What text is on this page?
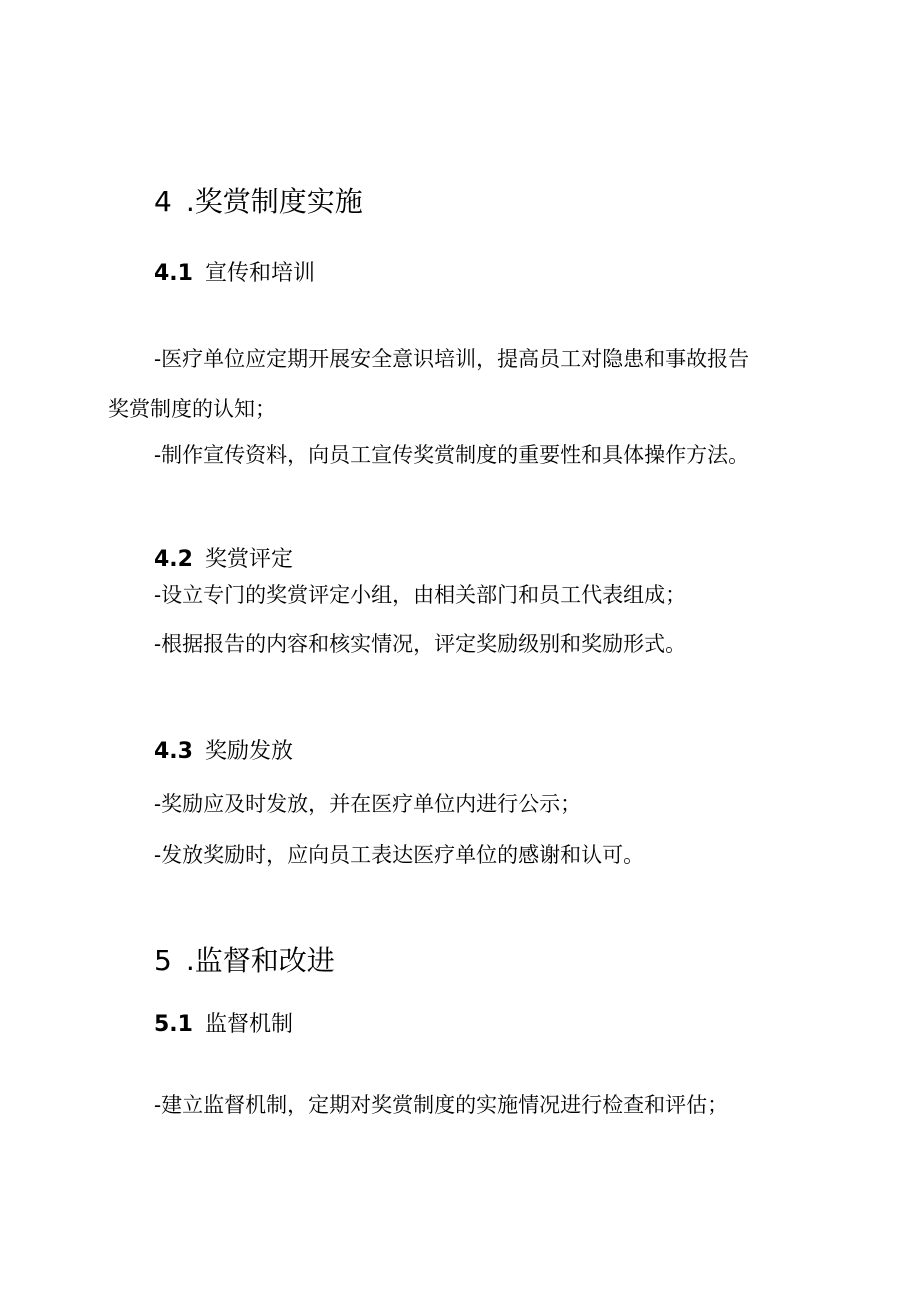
4 .奖赏制度实施
4.1 宣传和培训
-医疗单位应定期开展安全意识培训，提高员工对隐患和事故报告
奖赏制度的认知；
-制作宣传资料，向员工宣传奖赏制度的重要性和具体操作方法。
4.2 奖赏评定
-设立专门的奖赏评定小组，由相关部门和员工代表组成；
-根据报告的内容和核实情况，评定奖励级别和奖励形式。
4.3 奖励发放
-奖励应及时发放，并在医疗单位内进行公示；
-发放奖励时，应向员工表达医疗单位的感谢和认可。
5 .监督和改进
5.1 监督机制
-建立监督机制，定期对奖赏制度的实施情况进行检查和评估；
